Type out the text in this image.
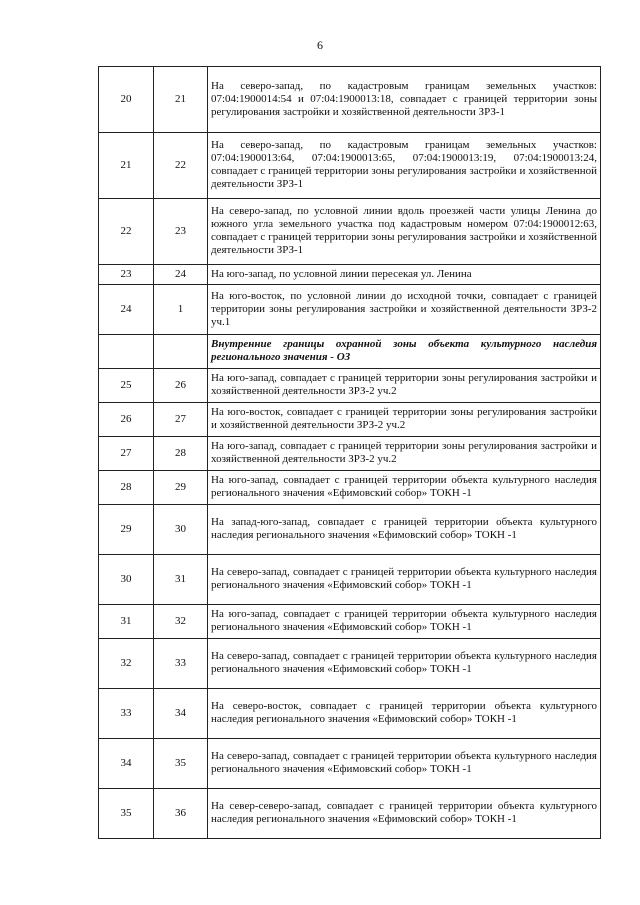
6
20	21	На северо-запад, по кадастровым границам земельных участков: 07:04:1900014:54 и 07:04:1900013:18, совпадает с границей территории зоны регулирования застройки и хозяйственной деятельности ЗРЗ-1
21	22	На северо-запад, по кадастровым границам земельных участков: 07:04:1900013:64, 07:04:1900013:65, 07:04:1900013:19, 07:04:1900013:24, совпадает с границей территории зоны регулирования застройки и хозяйственной деятельности ЗРЗ-1
22	23	На северо-запад, по условной линии вдоль проезжей части улицы Ленина до южного угла земельного участка под кадастровым номером 07:04:1900012:63, совпадает с границей территории зоны регулирования застройки и хозяйственной деятельности ЗРЗ-1
23	24	На юго-запад, по условной линии пересекая ул. Ленина
24	1	На юго-восток, по условной линии до исходной точки, совпадает с границей территории зоны регулирования застройки и хозяйственной деятельности ЗРЗ-2 уч.1
		Внутренние границы охранной зоны объекта культурного наследия регионального значения - ОЗ
25	26	На юго-запад, совпадает с границей территории зоны регулирования застройки и хозяйственной деятельности ЗРЗ-2 уч.2
26	27	На юго-восток, совпадает с границей территории зоны регулирования застройки и хозяйственной деятельности ЗРЗ-2 уч.2
27	28	На юго-запад, совпадает с границей территории зоны регулирования застройки и хозяйственной деятельности ЗРЗ-2 уч.2
28	29	На юго-запад, совпадает с границей территории объекта культурного наследия регионального значения «Ефимовский собор» ТОКН -1
29	30	На запад-юго-запад, совпадает с границей территории объекта культурного наследия регионального значения «Ефимовский собор» ТОКН -1
30	31	На северо-запад, совпадает с границей территории объекта культурного наследия регионального значения «Ефимовский собор» ТОКН -1
31	32	На юго-запад, совпадает с границей территории объекта культурного наследия регионального значения «Ефимовский собор» ТОКН -1
32	33	На северо-запад, совпадает с границей территории объекта культурного наследия регионального значения «Ефимовский собор» ТОКН -1
33	34	На северо-восток, совпадает с границей территории объекта культурного наследия регионального значения «Ефимовский собор» ТОКН -1
34	35	На северо-запад, совпадает с границей территории объекта культурного наследия регионального значения «Ефимовский собор» ТОКН -1
35	36	На север-северо-запад, совпадает с границей территории объекта культурного наследия регионального значения «Ефимовский собор» ТОКН -1
